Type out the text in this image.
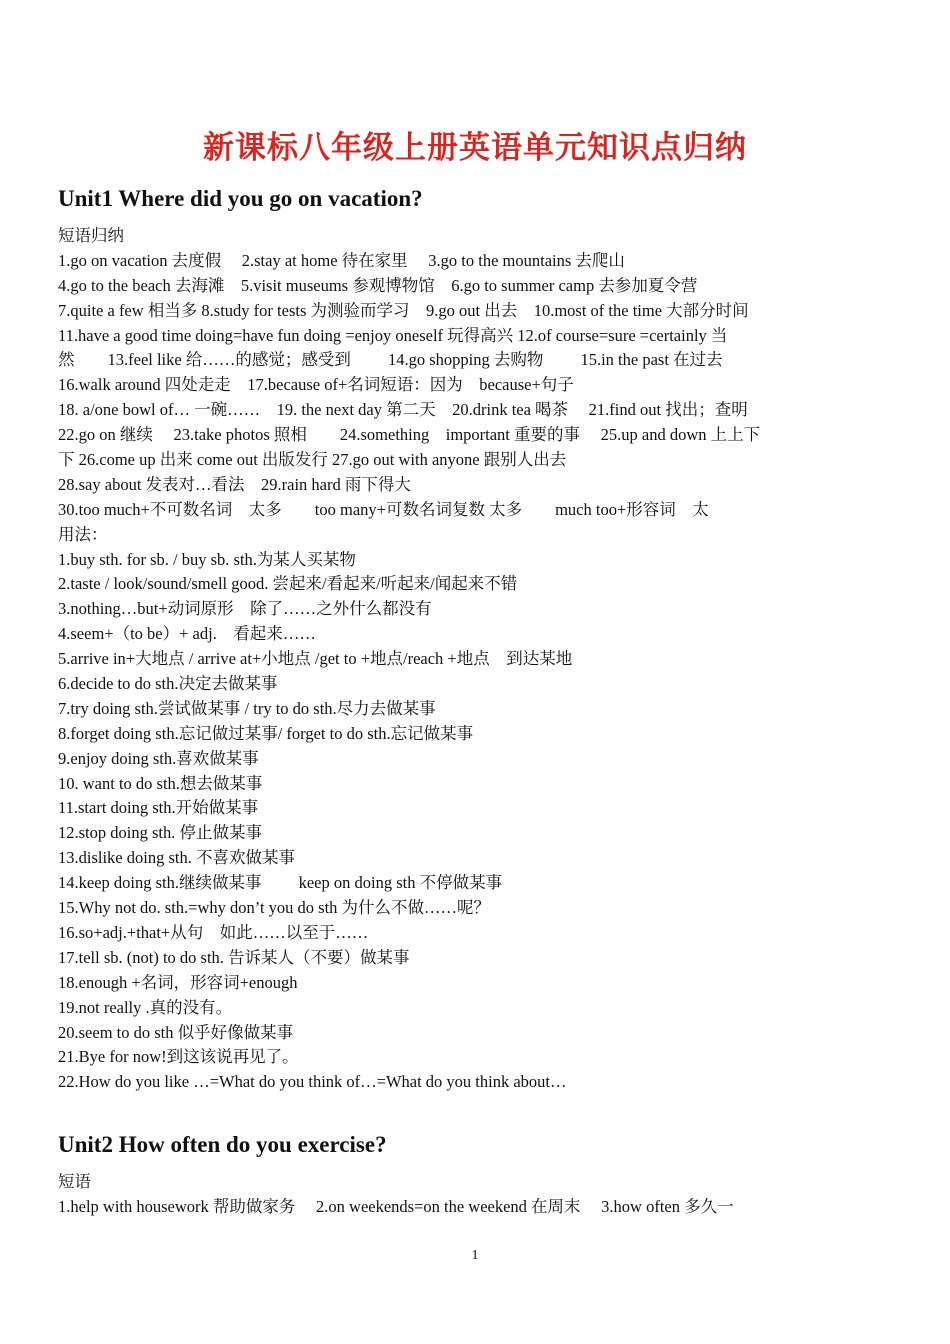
新课标八年级上册英语单元知识点归纳
Unit1 Where did you go on vacation?
短语归纳
1.go on vacation 去度假　 2.stay at home 待在家里　 3.go to the mountains 去爬山
4.go to the beach 去海滩　5.visit museums 参观博物馆　6.go to summer camp 去参加夏令营
7.quite a few 相当多 8.study for tests 为测验而学习　9.go out 出去　10.most of the time 大部分时间
11.have a good time doing=have fun doing =enjoy oneself 玩得高兴 12.of course=sure =certainly 当
然　　13.feel like 给……的感觉；感受到　　 14.go shopping 去购物　　 15.in the past 在过去
16.walk around 四处走走　17.because of+名词短语：因为　because+句子
18. a/one bowl of… 一碗……　19. the next day 第二天　20.drink tea 喝茶　 21.find out 找出；查明
22.go on 继续　 23.take photos 照相　　24.something　important 重要的事　 25.up and down 上上下
下 26.come up 出来 come out 出版发行 27.go out with anyone 跟别人出去
28.say about 发表对…看法　29.rain hard 雨下得大
30.too much+不可数名词　太多　　too many+可数名词复数 太多　　much too+形容词　太
用法：
1.buy sth. for sb. / buy sb. sth.为某人买某物
2.taste / look/sound/smell good. 尝起来/看起来/听起来/闻起来不错
3.nothing…but+动词原形　除了……之外什么都没有
4.seem+（to be）+ adj.　看起来……
5.arrive in+大地点 / arrive at+小地点 /get to +地点/reach +地点　到达某地
6.decide to do sth.决定去做某事
7.try doing sth.尝试做某事 / try to do sth.尽力去做某事
8.forget doing sth.忘记做过某事/ forget to do sth.忘记做某事
9.enjoy doing sth.喜欢做某事
10. want to do sth.想去做某事
11.start doing sth.开始做某事
12.stop doing sth. 停止做某事
13.dislike doing sth. 不喜欢做某事
14.keep doing sth.继续做某事　　 keep on doing sth 不停做某事
15.Why not do. sth.=why don’t you do sth 为什么不做……呢？
16.so+adj.+that+从句　如此……以至于……
17.tell sb. (not) to do sth. 告诉某人（不要）做某事
18.enough +名词，形容词+enough
19.not really .真的没有。
20.seem to do sth 似乎好像做某事
21.Bye for now!到这该说再见了。
22.How do you like …=What do you think of…=What do you think about…
Unit2 How often do you exercise?
短语
1.help with housework 帮助做家务　 2.on weekends=on the weekend 在周末　 3.how often 多久一
1
